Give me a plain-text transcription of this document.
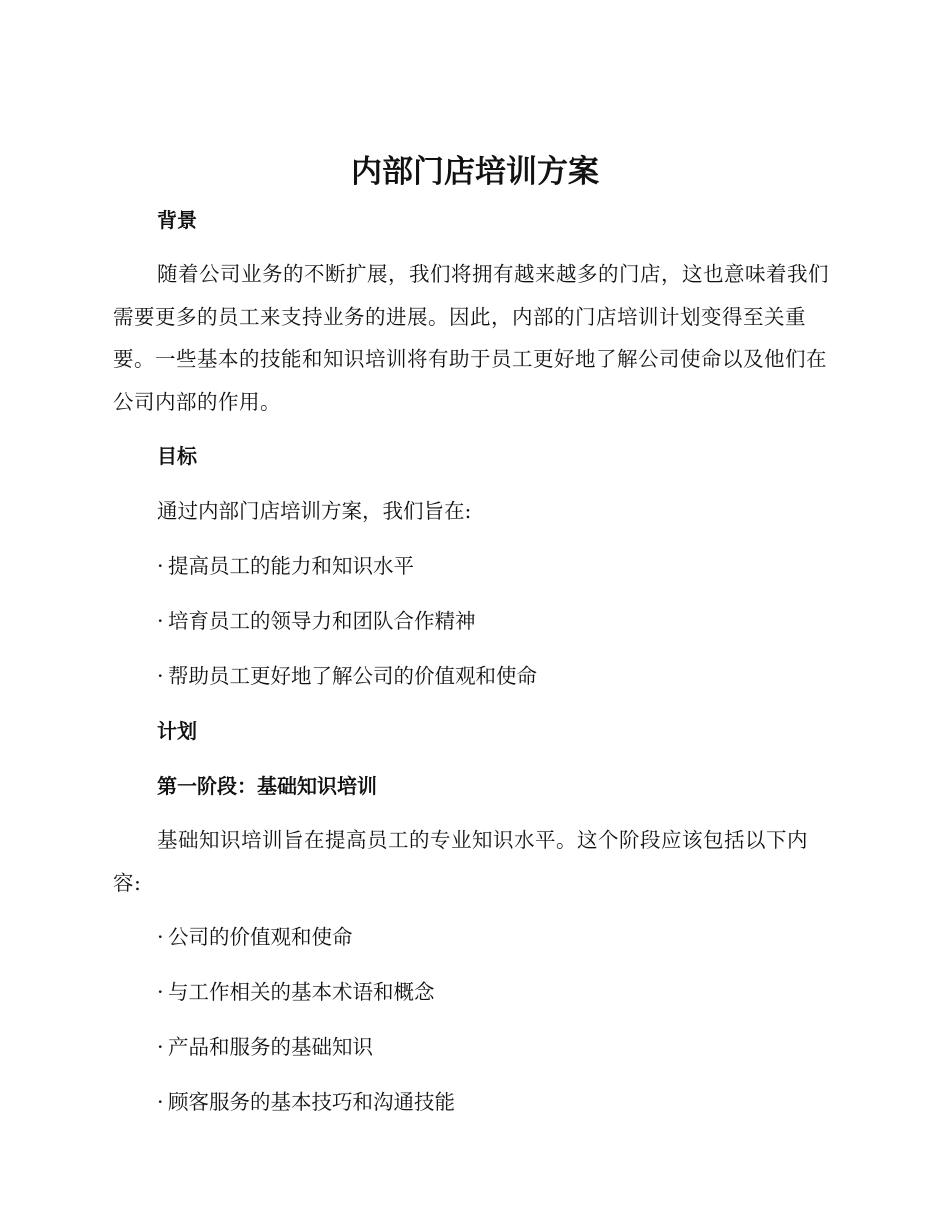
内部门店培训方案
背景

随着公司业务的不断扩展，我们将拥有越来越多的门店，这也意味着我们需要更多的员工来支持业务的进展。因此，内部的门店培训计划变得至关重要。一些基本的技能和知识培训将有助于员工更好地了解公司使命以及他们在公司内部的作用。

目标

通过内部门店培训方案，我们旨在:

· 提高员工的能力和知识水平

· 培育员工的领导力和团队合作精神

· 帮助员工更好地了解公司的价值观和使命

计划
第一阶段：基础知识培训

基础知识培训旨在提高员工的专业知识水平。这个阶段应该包括以下内容:

· 公司的价值观和使命

· 与工作相关的基本术语和概念

· 产品和服务的基础知识

· 顾客服务的基本技巧和沟通技能
